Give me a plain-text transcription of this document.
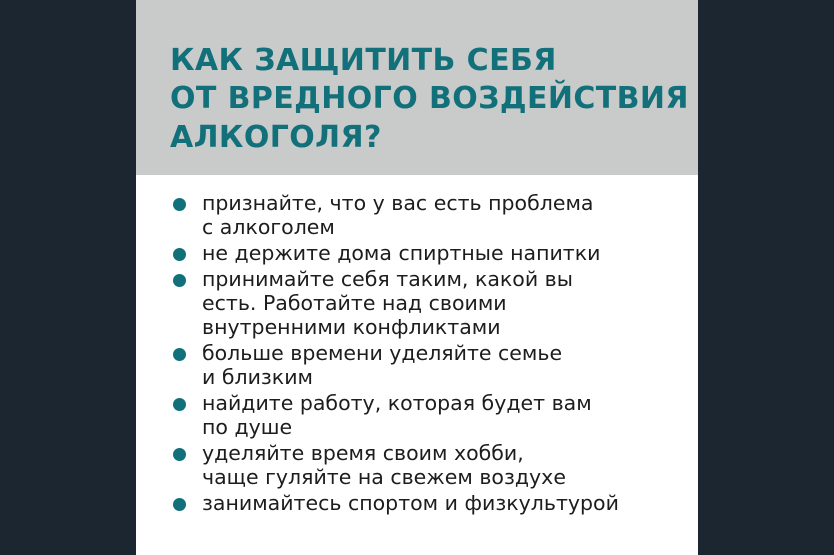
КАК ЗАЩИТИТЬ СЕБЯ
ОТ ВРЕДНОГО ВОЗДЕЙСТВИЯ
АЛКОГОЛЯ?
признайте, что у вас есть проблема
с алкоголем
не держите дома спиртные напитки
принимайте себя таким, какой вы
есть. Работайте над своими
внутренними конфликтами
больше времени уделяйте семье
и близким
найдите работу, которая будет вам
по душе
уделяйте время своим хобби,
чаще гуляйте на свежем воздухе
занимайтесь спортом и физкультурой
